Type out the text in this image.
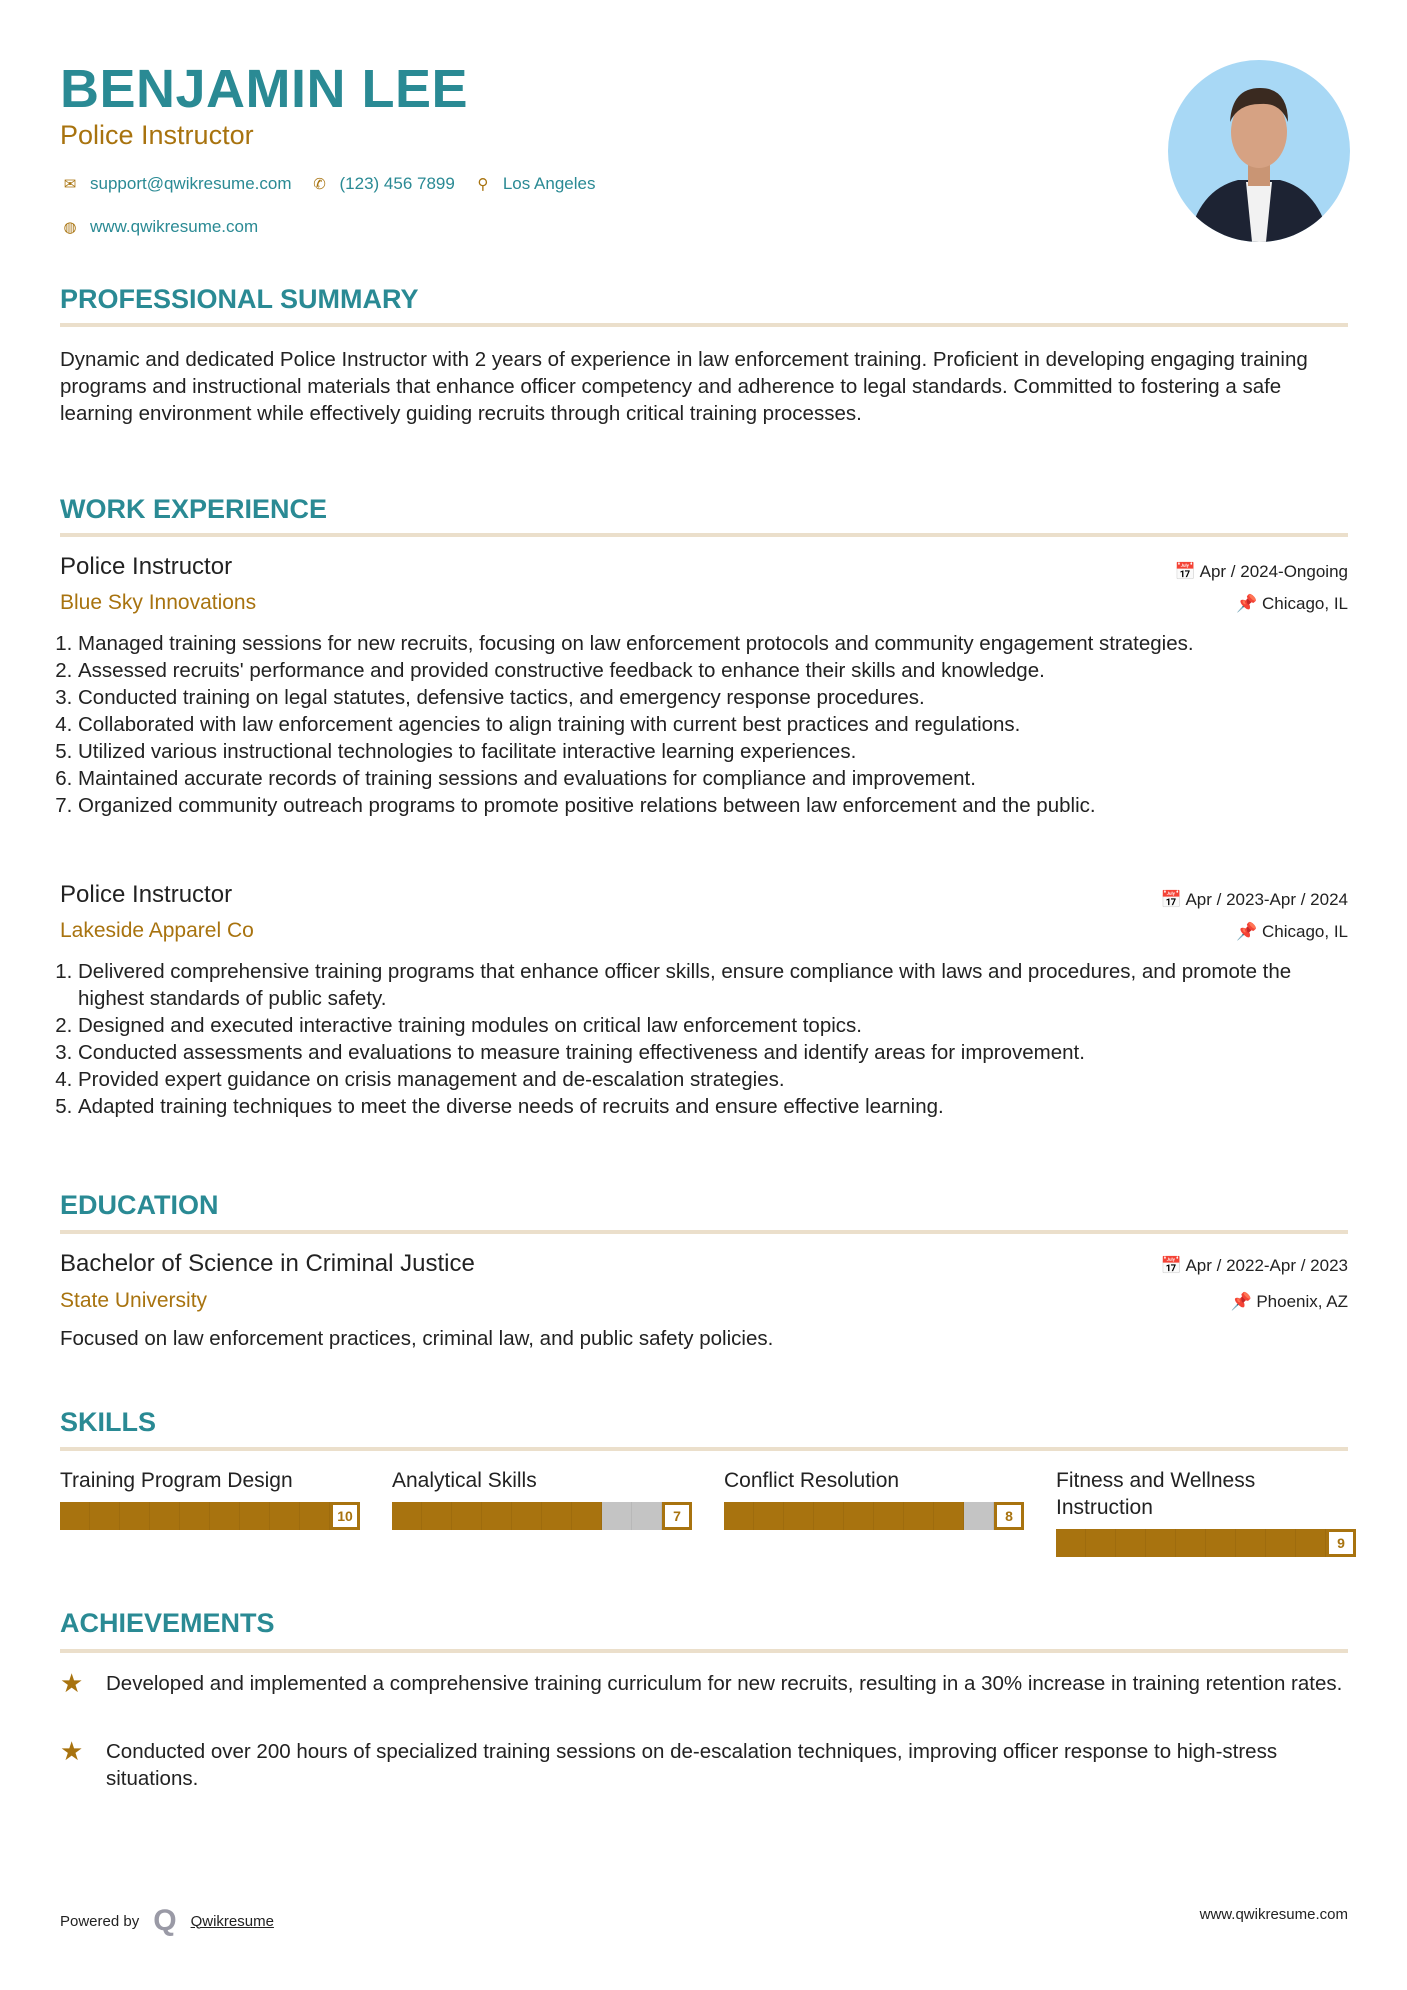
BENJAMIN LEE
Police Instructor
✉ support@qwikresume.com ✆ (123) 456 7899	⚲ Los Angeles
◍ www.qwikresume.com
PROFESSIONAL SUMMARY
Dynamic and dedicated Police Instructor with 2 years of experience in law enforcement training. Proficient in developing engaging training programs and instructional materials that enhance officer competency and adherence to legal standards. Committed to fostering a safe learning environment while effectively guiding recruits through critical training processes.
WORK EXPERIENCE
Police Instructor	📅 Apr / 2024-Ongoing
Blue Sky Innovations	📌 Chicago, IL
1. Managed training sessions for new recruits, focusing on law enforcement protocols and community engagement strategies.
2. Assessed recruits' performance and provided constructive feedback to enhance their skills and knowledge.
3. Conducted training on legal statutes, defensive tactics, and emergency response procedures.
4. Collaborated with law enforcement agencies to align training with current best practices and regulations.
5. Utilized various instructional technologies to facilitate interactive learning experiences.
6. Maintained accurate records of training sessions and evaluations for compliance and improvement.
7. Organized community outreach programs to promote positive relations between law enforcement and the public.
Police Instructor	📅 Apr / 2023-Apr / 2024
Lakeside Apparel Co	📌 Chicago, IL
1. Delivered comprehensive training programs that enhance officer skills, ensure compliance with laws and procedures, and promote the highest standards of public safety.
2. Designed and executed interactive training modules on critical law enforcement topics.
3. Conducted assessments and evaluations to measure training effectiveness and identify areas for improvement.
4. Provided expert guidance on crisis management and de-escalation strategies.
5. Adapted training techniques to meet the diverse needs of recruits and ensure effective learning.
EDUCATION
Bachelor of Science in Criminal Justice	📅 Apr / 2022-Apr / 2023
State University	📌 Phoenix, AZ
Focused on law enforcement practices, criminal law, and public safety policies.
SKILLS
Training Program Design
10
Analytical Skills
7
Conflict Resolution
8
Fitness and Wellness Instruction
9
ACHIEVEMENTS
★	Developed and implemented a comprehensive training curriculum for new recruits, resulting in a 30% increase in training retention rates.
★	Conducted over 200 hours of specialized training sessions on de-escalation techniques, improving officer response to high-stress situations.
Powered by Q Qwikresume	www.qwikresume.com
